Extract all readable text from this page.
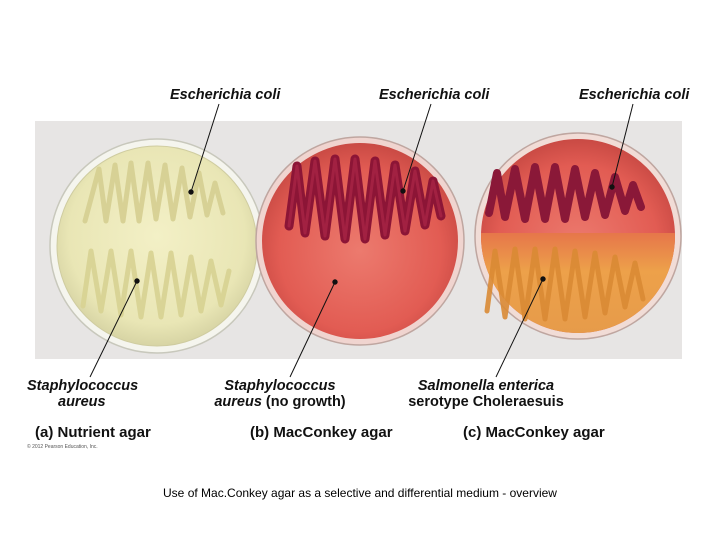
Escherichia coli	Escherichia coli	Escherichia coli
Staphylococcus
aureus
Staphylococcus
aureus (no growth)
Salmonella enterica
serotype Choleraesuis
(a) Nutrient agar	(b) MacConkey agar	(c) MacConkey agar
© 2012 Pearson Education, Inc.
Use of Mac.Conkey agar as a selective and differential medium - overview
